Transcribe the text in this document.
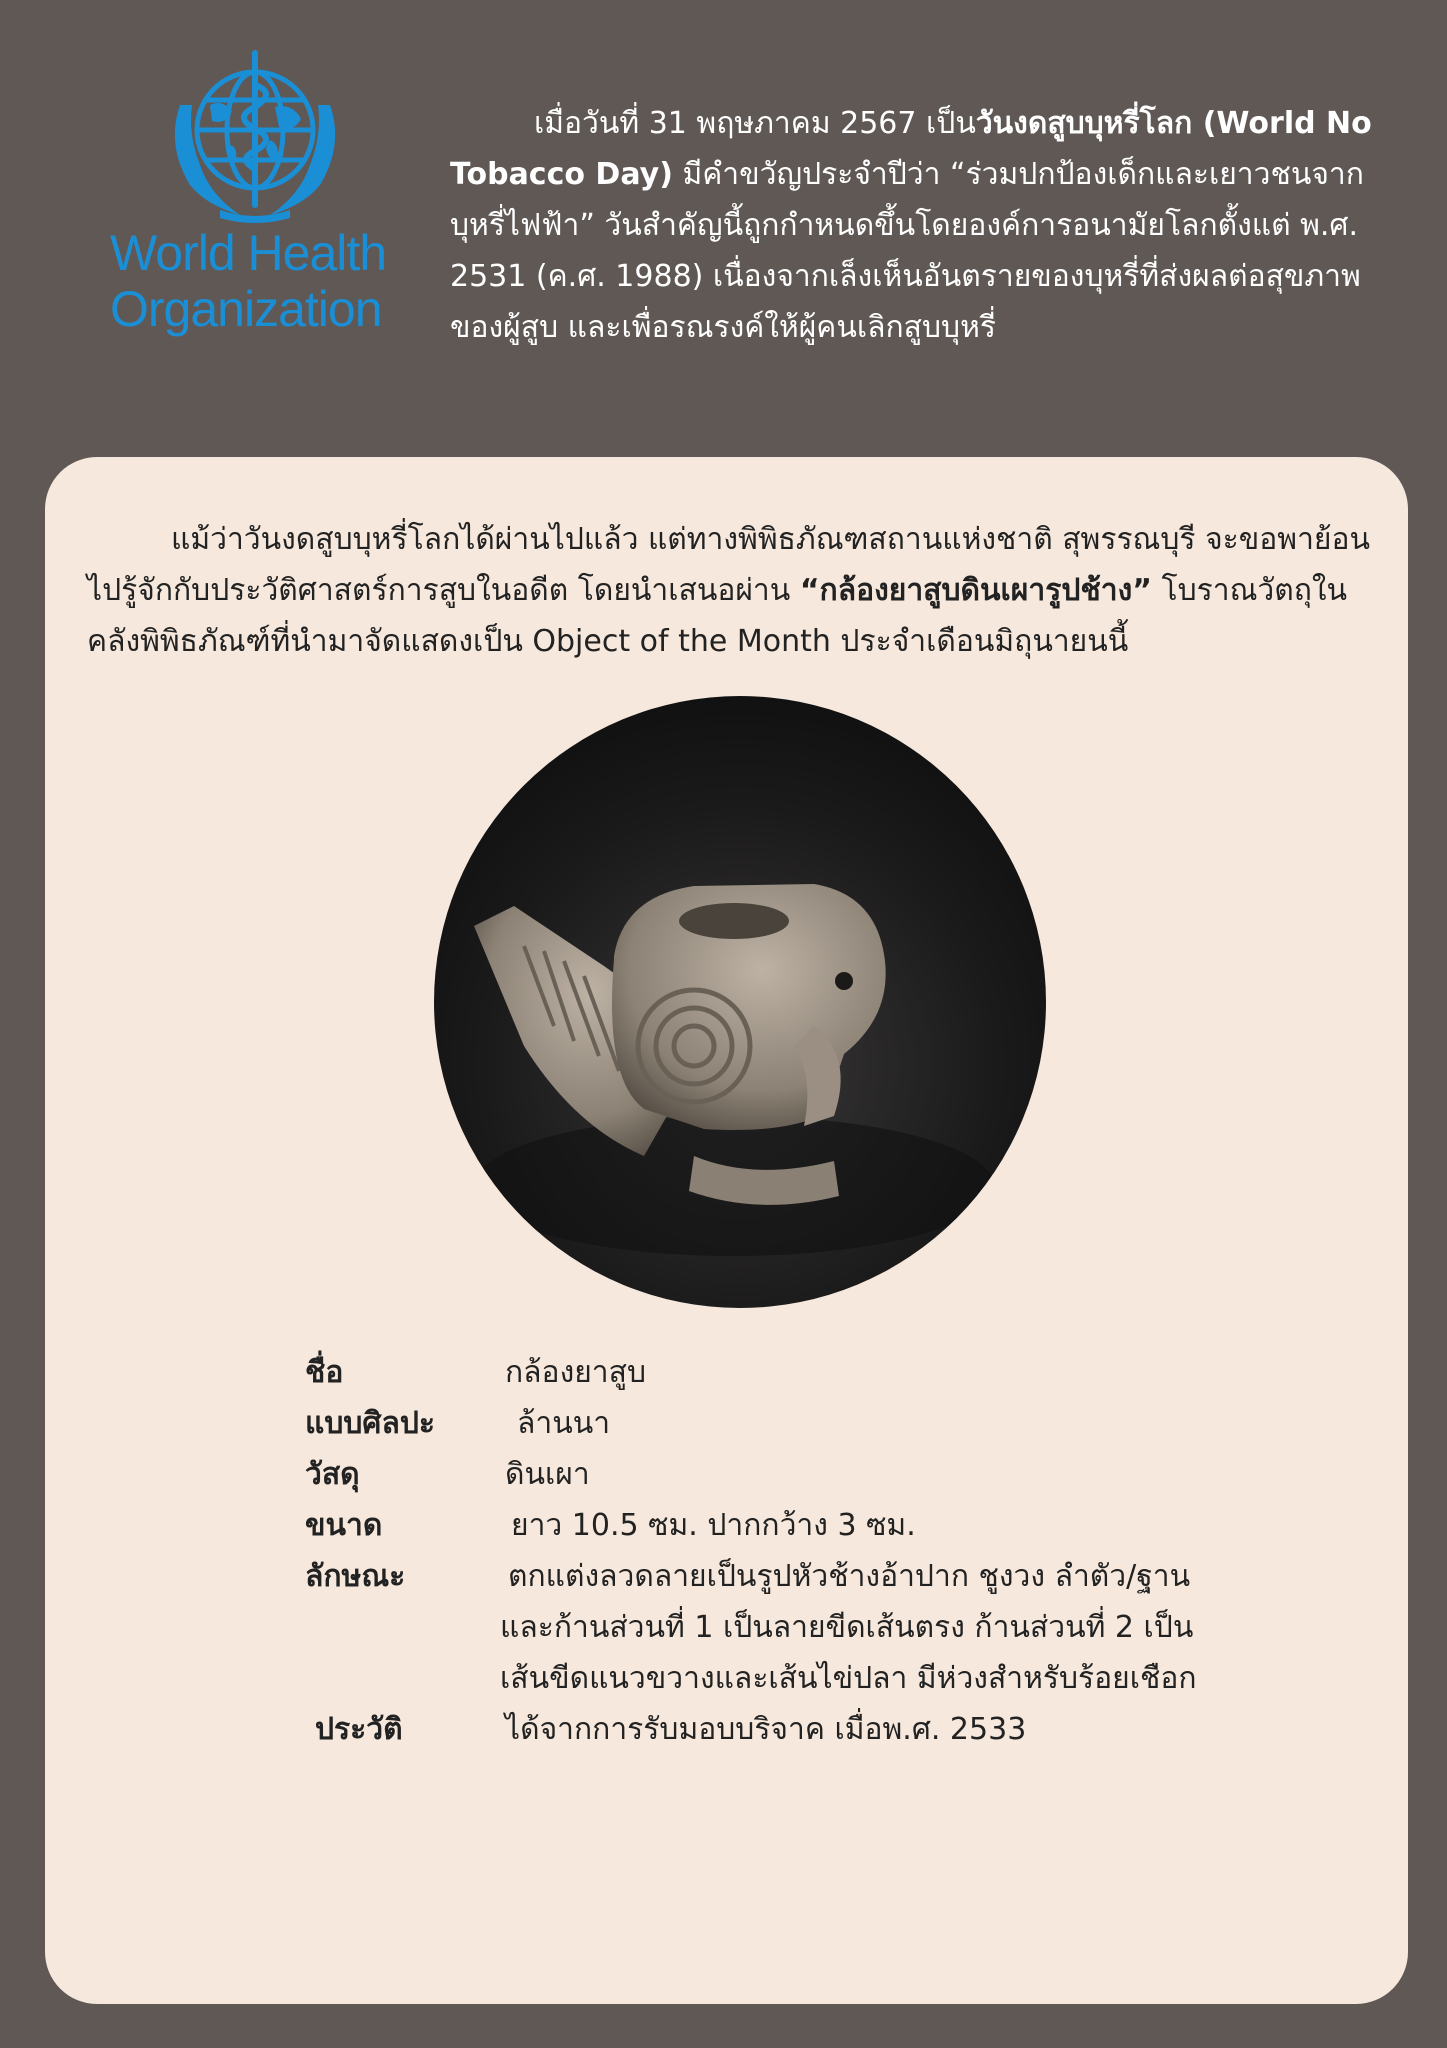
World Health
Organization
เมื่อวันที่ 31 พฤษภาคม 2567 เป็นวันงดสูบบุหรี่โลก (World No Tobacco Day) มีคำขวัญประจำปีว่า “ร่วมปกป้องเด็กและเยาวชนจากบุหรี่ไฟฟ้า” วันสำคัญนี้ถูกกำหนดขึ้นโดยองค์การอนามัยโลกตั้งแต่ พ.ศ. 2531 (ค.ศ. 1988) เนื่องจากเล็งเห็นอันตรายของบุหรี่ที่ส่งผลต่อสุขภาพของผู้สูบ และเพื่อรณรงค์ให้ผู้คนเลิกสูบบุหรี่
แม้ว่าวันงดสูบบุหรี่โลกได้ผ่านไปแล้ว แต่ทางพิพิธภัณฑสถานแห่งชาติ สุพรรณบุรี จะขอพาย้อนไปรู้จักกับประวัติศาสตร์การสูบในอดีต โดยนำเสนอผ่าน “กล้องยาสูบดินเผารูปช้าง” โบราณวัตถุในคลังพิพิธภัณฑ์ที่นำมาจัดแสดงเป็น Object of the Month ประจำเดือนมิถุนายนนี้
ชื่อ	กล้องยาสูบ
แบบศิลปะ	ล้านนา
วัสดุ	ดินเผา
ขนาด	ยาว 10.5 ซม. ปากกว้าง 3 ซม.
ลักษณะ	ตกแต่งลวดลายเป็นรูปหัวช้างอ้าปาก ชูงวง ลำตัว/ฐาน
และก้านส่วนที่ 1 เป็นลายขีดเส้นตรง ก้านส่วนที่ 2 เป็น
เส้นขีดแนวขวางและเส้นไข่ปลา มีห่วงสำหรับร้อยเชือก
ประวัติ	ได้จากการรับมอบบริจาค เมื่อพ.ศ. 2533
